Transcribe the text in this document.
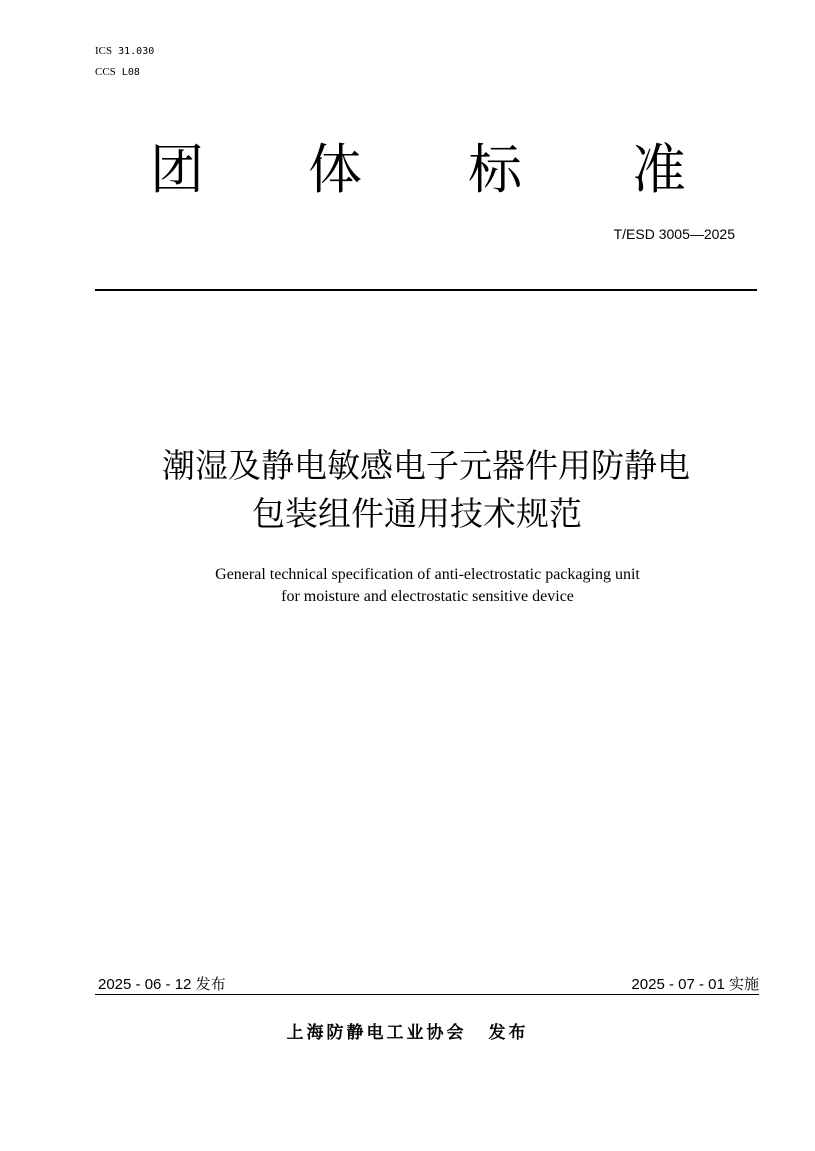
ICS 31.030
CCS L08
团 体 标 准
T/ESD 3005—2025
潮湿及静电敏感电子元器件用防静电
包装组件通用技术规范
General technical specification of anti-electrostatic packaging unit
for moisture and electrostatic sensitive device
2025 - 06 - 12 发布	2025 - 07 - 01 实施
上海防静电工业协会 发布
